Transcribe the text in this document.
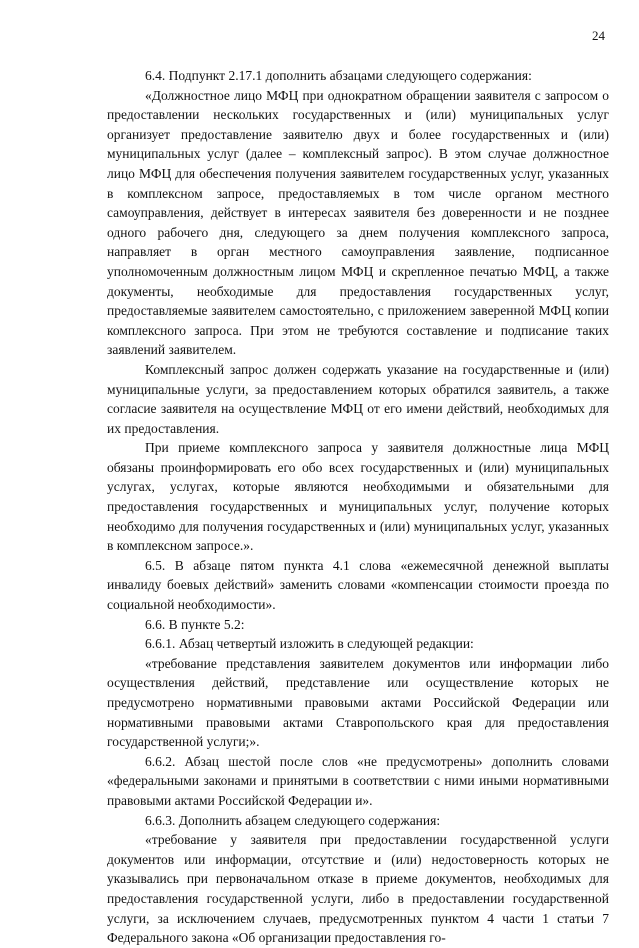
24

6.4. Подпункт 2.17.1 дополнить абзацами следующего содержания:

«Должностное лицо МФЦ при однократном обращении заявителя с запросом о предоставлении нескольких государственных и (или) муниципальных услуг организует предоставление заявителю двух и более государственных и (или) муниципальных услуг (далее – комплексный запрос). В этом случае должностное лицо МФЦ для обеспечения получения заявителем государственных услуг, указанных в комплексном запросе, предоставляемых в том числе органом местного самоуправления, действует в интересах заявителя без доверенности и не позднее одного рабочего дня, следующего за днем получения комплексного запроса, направляет в орган местного самоуправления заявление, подписанное уполномоченным должностным лицом МФЦ и скрепленное печатью МФЦ, а также документы, необходимые для предоставления государственных услуг, предоставляемые заявителем самостоятельно, с приложением заверенной МФЦ копии комплексного запроса. При этом не требуются составление и подписание таких заявлений заявителем.

Комплексный запрос должен содержать указание на государственные и (или) муниципальные услуги, за предоставлением которых обратился заявитель, а также согласие заявителя на осуществление МФЦ от его имени действий, необходимых для их предоставления.

При приеме комплексного запроса у заявителя должностные лица МФЦ обязаны проинформировать его обо всех государственных и (или) муниципальных услугах, услугах, которые являются необходимыми и обязательными для предоставления государственных и муниципальных услуг, получение которых необходимо для получения государственных и (или) муниципальных услуг, указанных в комплексном запросе.».

6.5. В абзаце пятом пункта 4.1 слова «ежемесячной денежной выплаты инвалиду боевых действий» заменить словами «компенсации стоимости проезда по социальной необходимости».

6.6. В пункте 5.2:

6.6.1. Абзац четвертый изложить в следующей редакции:

«требование представления заявителем документов или информации либо осуществления действий, представление или осуществление которых не предусмотрено нормативными правовыми актами Российской Федерации или нормативными правовыми актами Ставропольского края для предоставления государственной услуги;».

6.6.2. Абзац шестой после слов «не предусмотрены» дополнить словами «федеральными законами и принятыми в соответствии с ними иными нормативными правовыми актами Российской Федерации и».

6.6.3. Дополнить абзацем следующего содержания:

«требование у заявителя при предоставлении государственной услуги документов или информации, отсутствие и (или) недостоверность которых не указывались при первоначальном отказе в приеме документов, необходимых для предоставления государственной услуги, либо в предоставлении государственной услуги, за исключением случаев, предусмотренных пунктом 4 части 1 статьи 7 Федерального закона «Об организации предоставления го-
